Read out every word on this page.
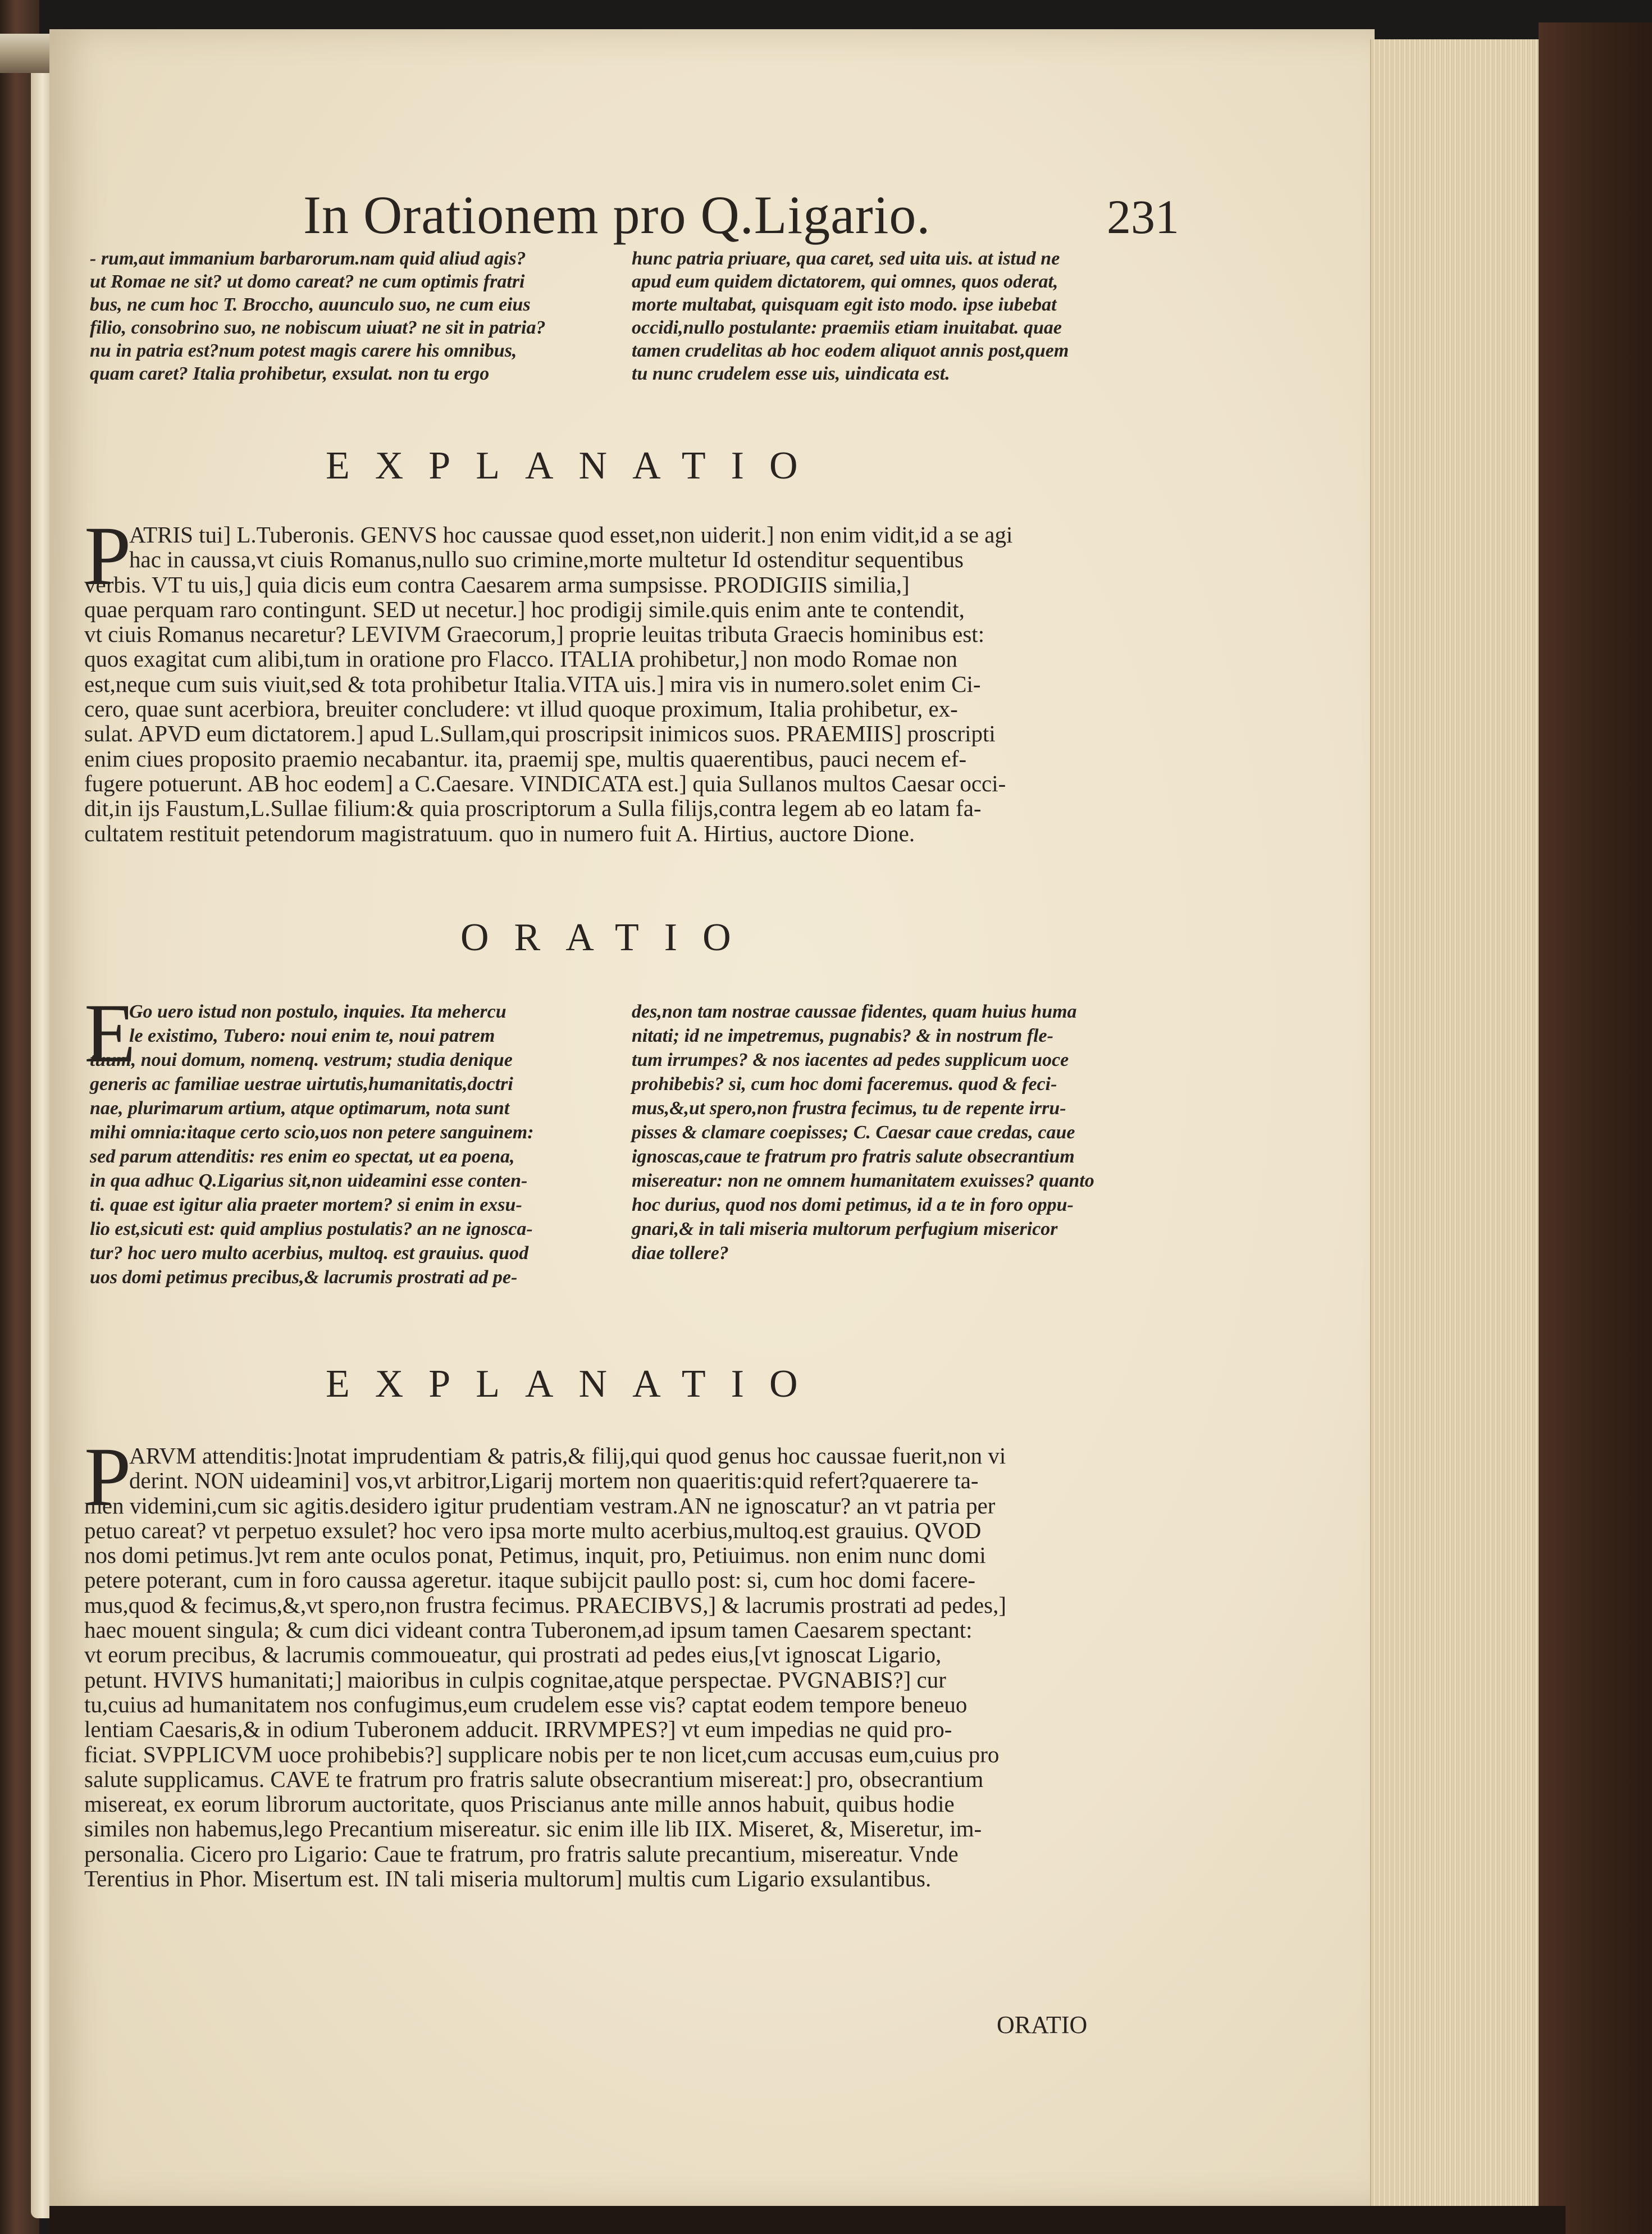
In Orationem pro Q.Ligario.	231

- rum,aut immanium barbarorum.nam quid aliud agis?

ut Romae ne sit? ut domo careat? ne cum optimis fratri

bus, ne cum hoc T. Broccho, auunculo suo, ne cum eius

filio, consobrino suo, ne nobiscum uiuat? ne sit in patria?

nu in patria est?num potest magis carere his omnibus,

quam caret? Italia prohibetur, exsulat. non tu ergo

hunc patria priuare, qua caret, sed uita uis. at istud ne

apud eum quidem dictatorem, qui omnes, quos oderat,

morte multabat, quisquam egit isto modo. ipse iubebat

occidi,nullo postulante: praemiis etiam inuitabat. quae

tamen crudelitas ab hoc eodem aliquot annis post,quem

tu nunc crudelem esse uis, uindicata est.

EXPLANATIO
P

ATRIS tui] L.Tuberonis. GENVS hoc caussae quod esset,non uiderit.] non enim vidit,id a se agi

hac in caussa,vt ciuis Romanus,nullo suo crimine,morte multetur Id ostenditur sequentibus

verbis. VT tu uis,] quia dicis eum contra Caesarem arma sumpsisse. PRODIGIIS similia,]

quae perquam raro contingunt. SED ut necetur.] hoc prodigij simile.quis enim ante te contendit,

vt ciuis Romanus necaretur? LEVIVM Graecorum,] proprie leuitas tributa Graecis hominibus est:

quos exagitat cum alibi,tum in oratione pro Flacco. ITALIA prohibetur,] non modo Romae non

est,neque cum suis viuit,sed & tota prohibetur Italia.VITA uis.] mira vis in numero.solet enim Ci-

cero, quae sunt acerbiora, breuiter concludere: vt illud quoque proximum, Italia prohibetur, ex-

sulat. APVD eum dictatorem.] apud L.Sullam,qui proscripsit inimicos suos. PRAEMIIS] proscripti

enim ciues proposito praemio necabantur. ita, praemij spe, multis quaerentibus, pauci necem ef-

fugere potuerunt. AB hoc eodem] a C.Caesare. VINDICATA est.] quia Sullanos multos Caesar occi-

dit,in ijs Faustum,L.Sullae filium:& quia proscriptorum a Sulla filijs,contra legem ab eo latam fa-

cultatem restituit petendorum magistratuum. quo in numero fuit A. Hirtius, auctore Dione.

ORATIO
E

Go uero istud non postulo, inquies. Ita mehercu

le existimo, Tubero: noui enim te, noui patrem

tuum, noui domum, nomenq. vestrum; studia denique

generis ac familiae uestrae uirtutis,humanitatis,doctri

nae, plurimarum artium, atque optimarum, nota sunt

mihi omnia:itaque certo scio,uos non petere sanguinem:

sed parum attenditis: res enim eo spectat, ut ea poena,

in qua adhuc Q.Ligarius sit,non uideamini esse conten-

ti. quae est igitur alia praeter mortem? si enim in exsu-

lio est,sicuti est: quid amplius postulatis? an ne ignosca-

tur? hoc uero multo acerbius, multoq. est grauius. quod

uos domi petimus precibus,& lacrumis prostrati ad pe-

des,non tam nostrae caussae fidentes, quam huius huma

nitati; id ne impetremus, pugnabis? & in nostrum fle-

tum irrumpes? & nos iacentes ad pedes supplicum uoce

prohibebis? si, cum hoc domi faceremus. quod & feci-

mus,&,ut spero,non frustra fecimus, tu de repente irru-

pisses & clamare coepisses; C. Caesar caue credas, caue

ignoscas,caue te fratrum pro fratris salute obsecrantium

misereatur: non ne omnem humanitatem exuisses? quanto

hoc durius, quod nos domi petimus, id a te in foro oppu-

gnari,& in tali miseria multorum perfugium misericor

diae tollere?

EXPLANATIO
P

ARVM attenditis:]notat imprudentiam & patris,& filij,qui quod genus hoc caussae fuerit,non vi

derint. NON uideamini] vos,vt arbitror,Ligarij mortem non quaeritis:quid refert?quaerere ta-

men videmini,cum sic agitis.desidero igitur prudentiam vestram.AN ne ignoscatur? an vt patria per

petuo careat? vt perpetuo exsulet? hoc vero ipsa morte multo acerbius,multoq.est grauius. QVOD

nos domi petimus.]vt rem ante oculos ponat, Petimus, inquit, pro, Petiuimus. non enim nunc domi

petere poterant, cum in foro caussa ageretur. itaque subijcit paullo post: si, cum hoc domi facere-

mus,quod & fecimus,&,vt spero,non frustra fecimus. PRAECIBVS,] & lacrumis prostrati ad pedes,]

haec mouent singula; & cum dici videant contra Tuberonem,ad ipsum tamen Caesarem spectant:

vt eorum precibus, & lacrumis commoueatur, qui prostrati ad pedes eius,[vt ignoscat Ligario,

petunt. HVIVS humanitati;] maioribus in culpis cognitae,atque perspectae. PVGNABIS?] cur

tu,cuius ad humanitatem nos confugimus,eum crudelem esse vis? captat eodem tempore beneuo

lentiam Caesaris,& in odium Tuberonem adducit. IRRVMPES?] vt eum impedias ne quid pro-

ficiat. SVPPLICVM uoce prohibebis?] supplicare nobis per te non licet,cum accusas eum,cuius pro

salute supplicamus. CAVE te fratrum pro fratris salute obsecrantium misereat:] pro, obsecrantium

misereat, ex eorum librorum auctoritate, quos Priscianus ante mille annos habuit, quibus hodie

similes non habemus,lego Precantium misereatur. sic enim ille lib IIX. Miseret, &, Miseretur, im-

personalia. Cicero pro Ligario: Caue te fratrum, pro fratris salute precantium, misereatur. Vnde

Terentius in Phor. Misertum est. IN tali miseria multorum] multis cum Ligario exsulantibus.

ORATIO
